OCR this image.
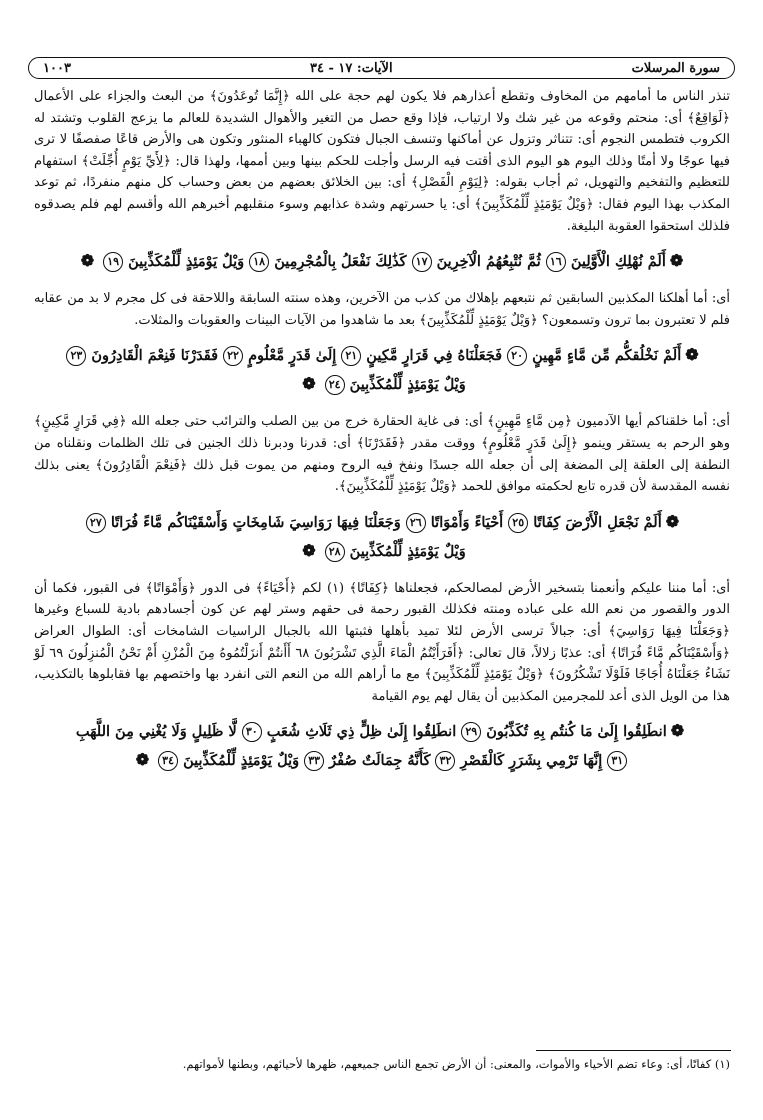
١٠٠٣	الآيات: ١٧ - ٣٤	سورة المرسلات

تنذر الناس ما أمامهم من المخاوف وتقطع أعذارهم فلا يكون لهم حجة على الله ﴿إِنَّمَا تُوعَدُونَ﴾ من البعث والجزاء على الأعمال ﴿لَوَاقِعٌ﴾ أى: منحتم وقوعه من غير شك ولا ارتياب، فإذا وقع حصل من التغير والأهوال الشديدة للعالم ما يزعج القلوب وتشتد له الكروب فتطمس النجوم أى: تتناثر وتزول عن أماكنها وتنسف الجبال فتكون كالهباء المنثور وتكون هى والأرض قاعًا صفصفًا لا ترى فيها عوجًا ولا أمتًا وذلك اليوم هو اليوم الذى أقتت فيه الرسل وأجلت للحكم بينها وبين أممها، ولهذا قال: ﴿لِأَيِّ يَوْمٍ أُجِّلَتْ﴾ استفهام للتعظيم والتفخيم والتهويل، ثم أجاب بقوله: ﴿لِيَوْمِ الْفَصْلِ﴾ أى: بين الخلائق بعضهم من بعض وحساب كل منهم منفردًا، ثم توعد المكذب بهذا اليوم فقال: ﴿وَيْلٌ يَوْمَئِذٍ لِّلْمُكَذِّبِينَ﴾ أى: يا حسرتهم وشدة عذابهم وسوء منقلبهم أخبرهم الله وأقسم لهم فلم يصدقوه فلذلك استحقوا العقوبة البليغة.

❁أَلَمْ نُهْلِكِ الْأَوَّلِينَ١٦ثُمَّ نُتْبِعُهُمُ الْآخِرِينَ١٧كَذَٰلِكَ نَفْعَلُ بِالْمُجْرِمِينَ١٨وَيْلٌ يَوْمَئِذٍ لِّلْمُكَذِّبِينَ١٩❁

أى: أما أهلكنا المكذبين السابقين ثم نتبعهم بإهلاك من كذب من الآخرين، وهذه سنته السابقة واللاحقة فى كل مجرم لا بد من عقابه فلم لا تعتبرون بما ترون وتسمعون؟ ﴿وَيْلٌ يَوْمَئِذٍ لِّلْمُكَذِّبِينَ﴾ بعد ما شاهدوا من الآيات البينات والعقوبات والمثلات.

❁أَلَمْ نَخْلُقكُّم مِّن مَّاءٍ مَّهِينٍ٢٠فَجَعَلْنَاهُ فِي قَرَارٍ مَّكِينٍ٢١إِلَىٰ قَدَرٍ مَّعْلُومٍ٢٢فَقَدَرْنَا فَنِعْمَ الْقَادِرُونَ٢٣
وَيْلٌ يَوْمَئِذٍ لِّلْمُكَذِّبِينَ٢٤❁

أى: أما خلقناكم أيها الآدميون ﴿مِن مَّاءٍ مَّهِينٍ﴾ أى: فى غاية الحقارة خرج من بين الصلب والترائب حتى جعله الله ﴿فِي قَرَارٍ مَّكِينٍ﴾ وهو الرحم به يستقر وينمو ﴿إِلَىٰ قَدَرٍ مَّعْلُومٍ﴾ ووقت مقدر ﴿فَقَدَرْنَا﴾ أى: قدرنا ودبرنا ذلك الجنين فى تلك الظلمات ونقلناه من النطفة إلى العلقة إلى المضغة إلى أن جعله الله جسدًا ونفخ فيه الروح ومنهم من يموت قبل ذلك ﴿فَنِعْمَ الْقَادِرُونَ﴾ يعنى بذلك نفسه المقدسة لأن قدره تابع لحكمته موافق للحمد ﴿وَيْلٌ يَوْمَئِذٍ لِّلْمُكَذِّبِينَ﴾.

❁أَلَمْ نَجْعَلِ الْأَرْضَ كِفَاتًا٢٥أَحْيَاءً وَأَمْوَاتًا٢٦وَجَعَلْنَا فِيهَا رَوَاسِيَ شَامِخَاتٍ وَأَسْقَيْنَاكُم مَّاءً فُرَاتًا٢٧
وَيْلٌ يَوْمَئِذٍ لِّلْمُكَذِّبِينَ٢٨❁

أى: أما مننا عليكم وأنعمنا بتسخير الأرض لمصالحكم، فجعلناها ﴿كِفَاتًا﴾ (١) لكم ﴿أَحْيَاءً﴾ فى الدور ﴿وَأَمْوَاتًا﴾ فى القبور، فكما أن الدور والقصور من نعم الله على عباده ومنته فكذلك القبور رحمة فى حقهم وستر لهم عن كون أجسادهم بادية للسباع وغيرها ﴿وَجَعَلْنَا فِيهَا رَوَاسِيَ﴾ أى: جبالاً ترسى الأرض لئلا تميد بأهلها فثبتها الله بالجبال الراسيات الشامخات أى: الطوال العراض ﴿وَأَسْقَيْنَاكُم مَّاءً فُرَاتًا﴾ أى: عذبًا زلالاً، قال تعالى: ﴿أَفَرَأَيْتُمُ الْمَاءَ الَّذِي تَشْرَبُونَ ٦٨ أَأَنتُمْ أَنزَلْتُمُوهُ مِنَ الْمُزْنِ أَمْ نَحْنُ الْمُنزِلُونَ ٦٩ لَوْ نَشَاءُ جَعَلْنَاهُ أُجَاجًا فَلَوْلَا تَشْكُرُونَ﴾ ﴿وَيْلٌ يَوْمَئِذٍ لِّلْمُكَذِّبِينَ﴾ مع ما أراهم الله من النعم التى انفرد بها واختصهم بها فقابلوها بالتكذيب، هذا من الويل الذى أعد للمجرمين المكذبين أن يقال لهم يوم القيامة

❁انطَلِقُوا إِلَىٰ مَا كُنتُم بِهِ تُكَذِّبُونَ٢٩انطَلِقُوا إِلَىٰ ظِلٍّ ذِي ثَلَاثِ شُعَبٍ٣٠لَّا ظَلِيلٍ وَلَا يُغْنِي مِنَ اللَّهَبِ
٣١إِنَّهَا تَرْمِي بِشَرَرٍ كَالْقَصْرِ٣٢كَأَنَّهُ جِمَالَتٌ صُفْرٌ٣٣وَيْلٌ يَوْمَئِذٍ لِّلْمُكَذِّبِينَ٣٤❁
(١) كفاتًا، أى: وعاء تضم الأحياء والأموات، والمعنى: أن الأرض تجمع الناس جميعهم، ظهرها لأحيائهم، وبطنها لأمواتهم.
